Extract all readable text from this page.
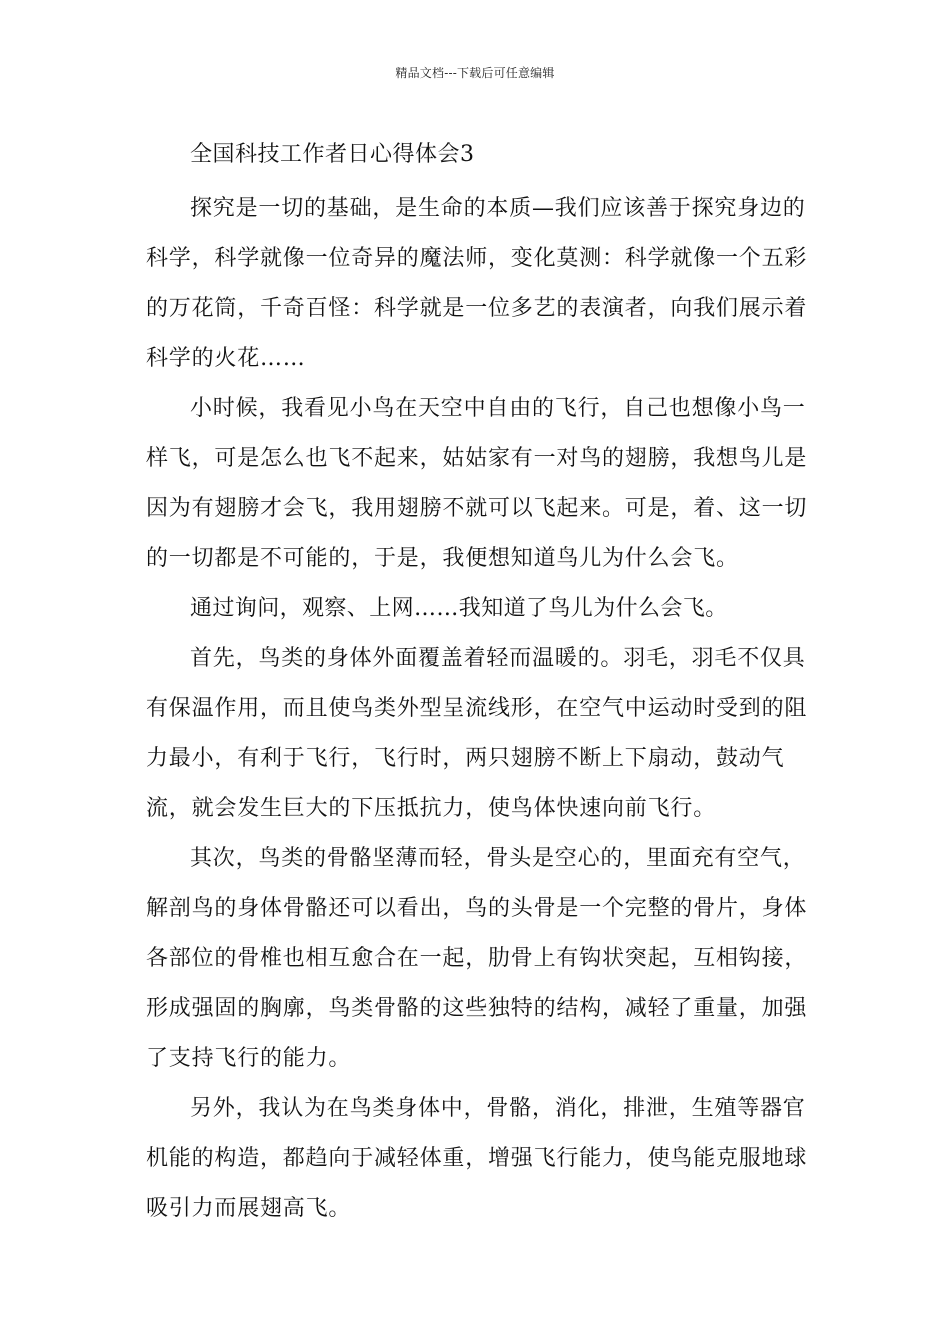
精品文档---下载后可任意编辑
全国科技工作者日心得体会3

探究是一切的基础，是生命的本质—我们应该善于探究身边的科学，科学就像一位奇异的魔法师，变化莫测：科学就像一个五彩的万花筒，千奇百怪：科学就是一位多艺的表演者，向我们展示着科学的火花……

小时候，我看见小鸟在天空中自由的飞行，自己也想像小鸟一样飞，可是怎么也飞不起来，姑姑家有一对鸟的翅膀，我想鸟儿是因为有翅膀才会飞，我用翅膀不就可以飞起来。可是，着、这一切的一切都是不可能的，于是，我便想知道鸟儿为什么会飞。

通过询问，观察、上网……我知道了鸟儿为什么会飞。

首先，鸟类的身体外面覆盖着轻而温暖的。羽毛，羽毛不仅具有保温作用，而且使鸟类外型呈流线形，在空气中运动时受到的阻力最小，有利于飞行，飞行时，两只翅膀不断上下扇动，鼓动气流，就会发生巨大的下压抵抗力，使鸟体快速向前飞行。

其次，鸟类的骨骼坚薄而轻，骨头是空心的，里面充有空气，解剖鸟的身体骨骼还可以看出，鸟的头骨是一个完整的骨片，身体各部位的骨椎也相互愈合在一起，肋骨上有钩状突起，互相钩接，形成强固的胸廓，鸟类骨骼的这些独特的结构，减轻了重量，加强了支持飞行的能力。

另外，我认为在鸟类身体中，骨骼，消化，排泄，生殖等器官机能的构造，都趋向于减轻体重，增强飞行能力，使鸟能克服地球吸引力而展翅高飞。
